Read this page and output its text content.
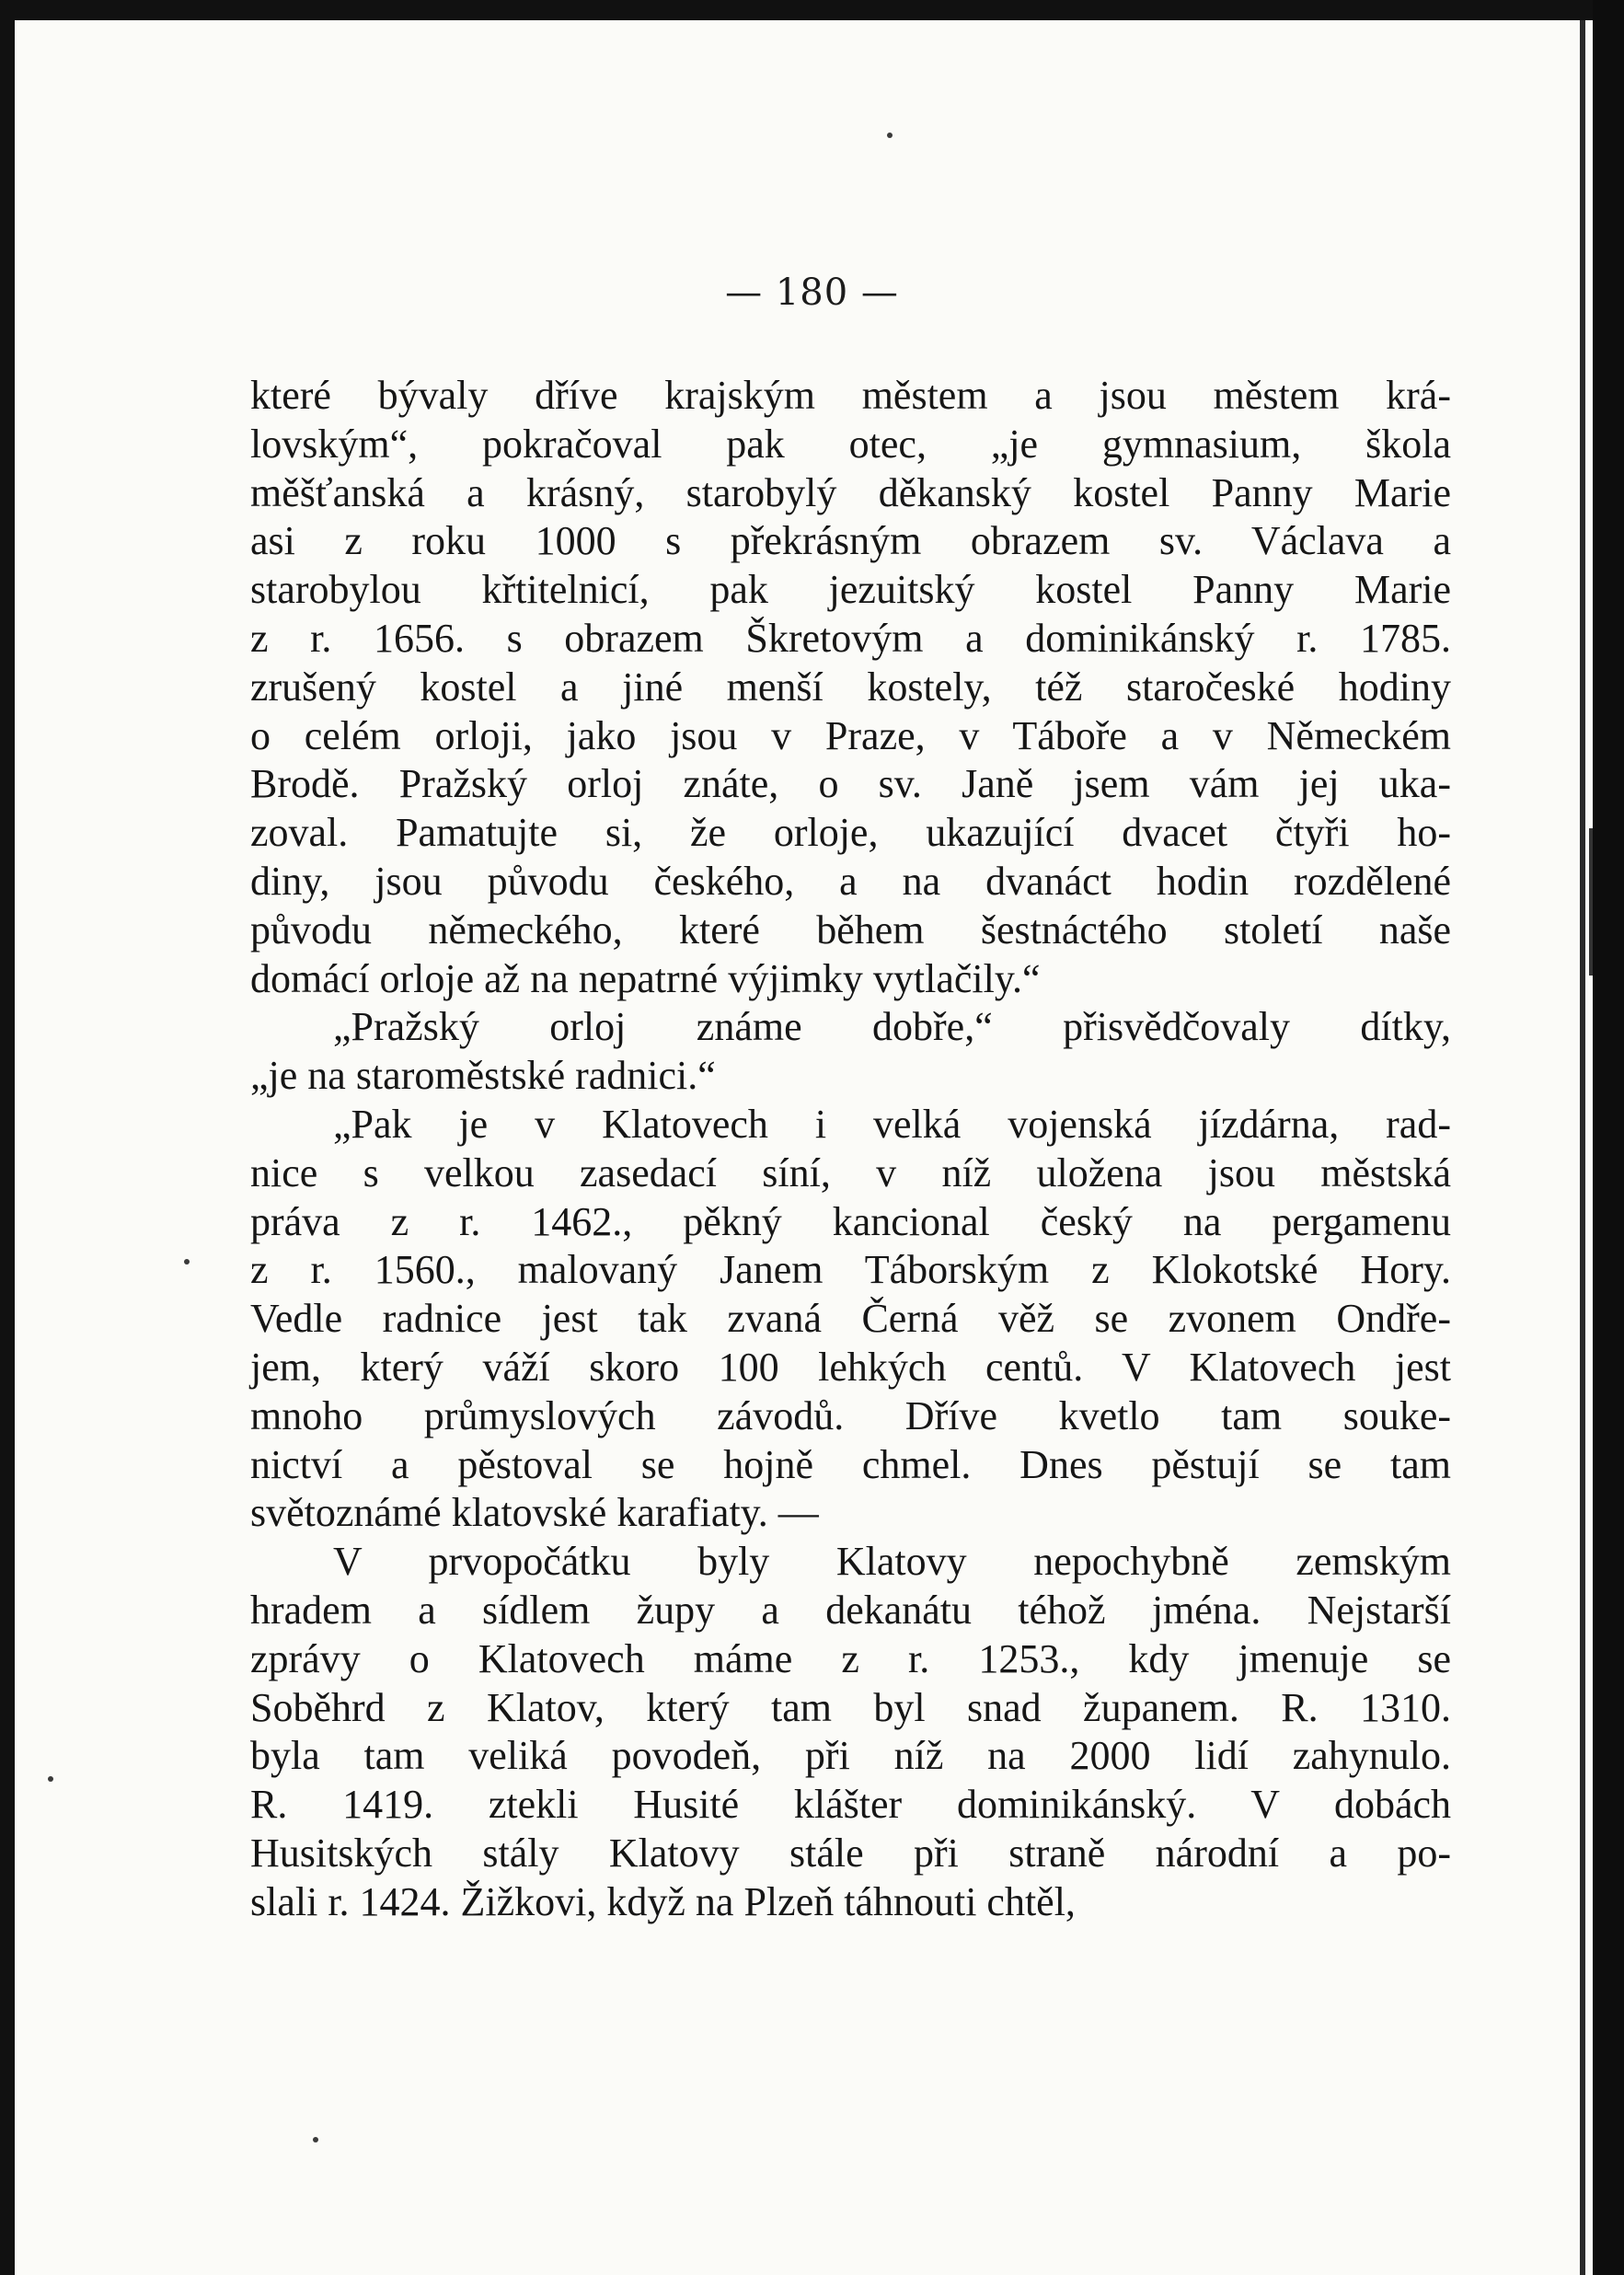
— 180 —

které bývaly dříve krajským městem a jsou městem krá-
lovským“, pokračoval pak otec, „je gymnasium, škola
měšťanská a krásný, starobylý děkanský kostel Panny Marie
asi z roku 1000 s překrásným obrazem sv. Václava a
starobylou křtitelnicí, pak jezuitský kostel Panny Marie
z r. 1656. s obrazem Škretovým a dominikánský r. 1785.
zrušený kostel a jiné menší kostely, též staročeské hodiny
o celém orloji, jako jsou v Praze, v Táboře a v Německém
Brodě. Pražský orloj znáte, o sv. Janě jsem vám jej uka-
zoval. Pamatujte si, že orloje, ukazující dvacet čtyři ho-
diny, jsou původu českého, a na dvanáct hodin rozdělené
původu německého, které během šestnáctého století naše
domácí orloje až na nepatrné výjimky vytlačily.“

„Pražský orloj známe dobře,“ přisvědčovaly dítky,
„je na staroměstské radnici.“

„Pak je v Klatovech i velká vojenská jízdárna, rad-
nice s velkou zasedací síní, v níž uložena jsou městská
práva z r. 1462., pěkný kancional český na pergamenu
z r. 1560., malovaný Janem Táborským z Klokotské Hory.
Vedle radnice jest tak zvaná Černá věž se zvonem Ondře-
jem, který váží skoro 100 lehkých centů. V Klatovech jest
mnoho průmyslových závodů. Dříve kvetlo tam souke-
nictví a pěstoval se hojně chmel. Dnes pěstují se tam
světoznámé klatovské karafiaty. —

V prvopočátku byly Klatovy nepochybně zemským
hradem a sídlem župy a dekanátu téhož jména. Nejstarší
zprávy o Klatovech máme z r. 1253., kdy jmenuje se
Soběhrd z Klatov, který tam byl snad županem. R. 1310.
byla tam veliká povodeň, při níž na 2000 lidí zahynulo.
R. 1419. ztekli Husité klášter dominikánský. V dobách
Husitských stály Klatovy stále při straně národní a po-
slali r. 1424. Žižkovi, když na Plzeň táhnouti chtěl,
